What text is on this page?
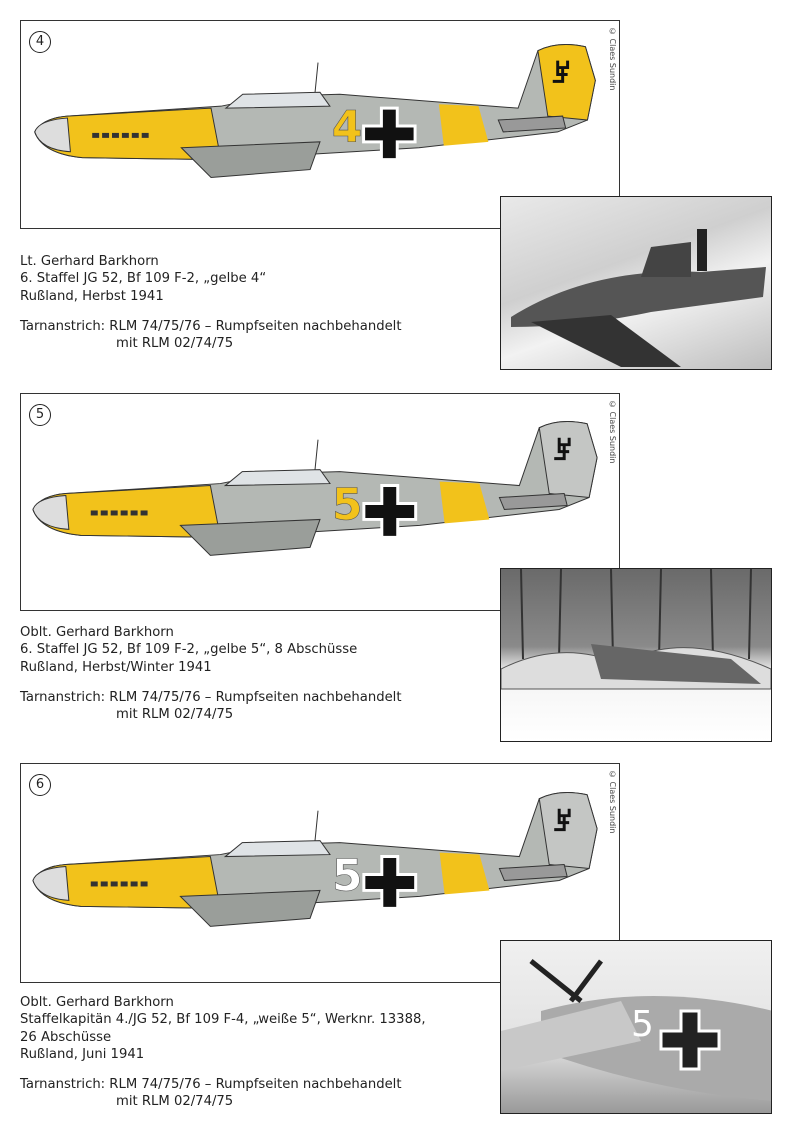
4	© Claes Sundin
4
Lt. Gerhard Barkhorn
6. Staffel JG 52, Bf 109 F-2, „gelbe 4“
Rußland, Herbst 1941
Tarnanstrich: RLM 74/75/76 – Rumpfseiten nachbehandelt
mit RLM 02/74/75
5	© Claes Sundin
5
Oblt. Gerhard Barkhorn
6. Staffel JG 52, Bf 109 F-2, „gelbe 5“, 8 Abschüsse
Rußland, Herbst/Winter 1941
Tarnanstrich: RLM 74/75/76 – Rumpfseiten nachbehandelt
mit RLM 02/74/75
6	© Claes Sundin
5
5
Oblt. Gerhard Barkhorn
Staffelkapitän 4./JG 52, Bf 109 F-4, „weiße 5“, Werknr. 13388,
26 Abschüsse
Rußland, Juni 1941
Tarnanstrich: RLM 74/75/76 – Rumpfseiten nachbehandelt
mit RLM 02/74/75
